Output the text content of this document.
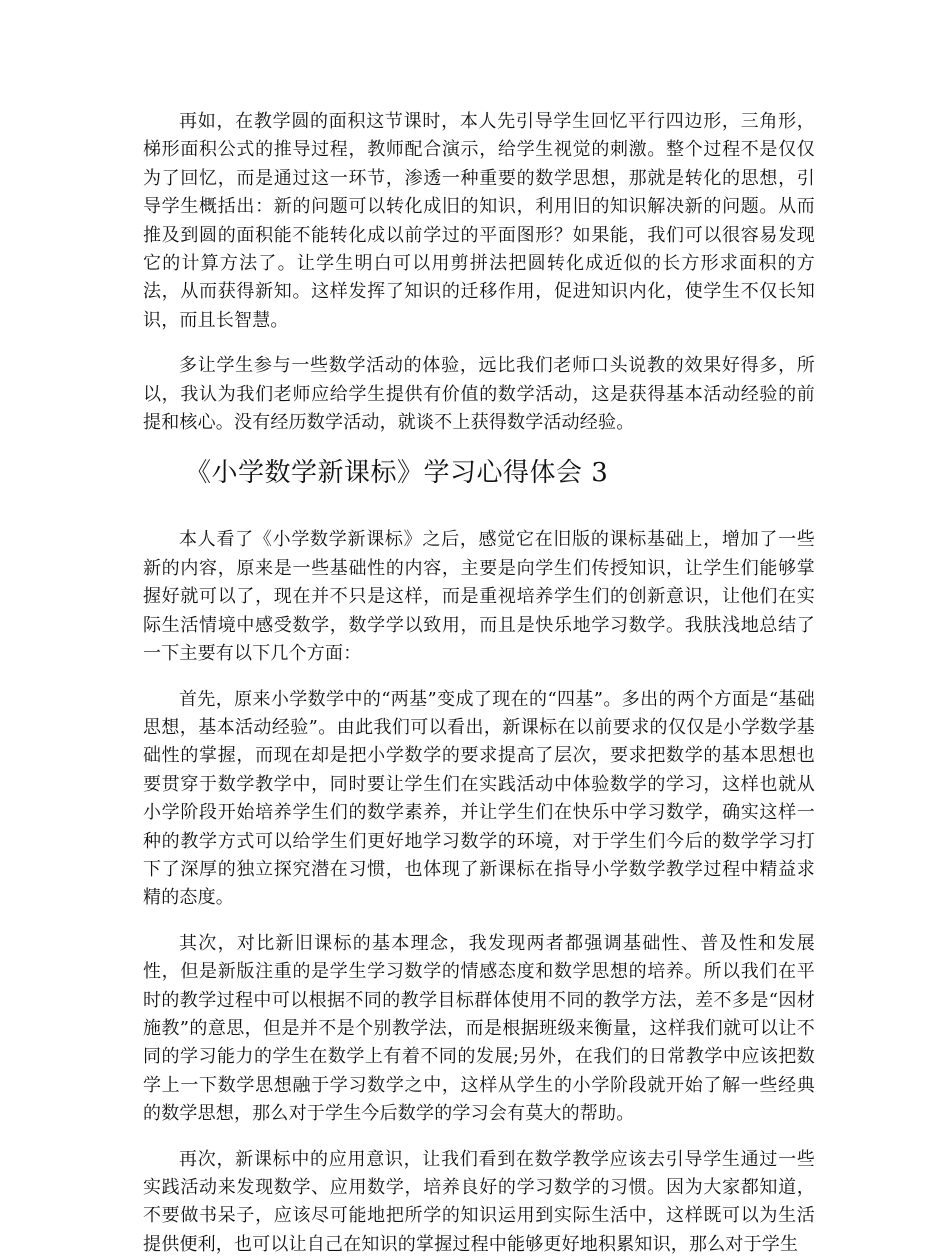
再如，在教学圆的面积这节课时，本人先引导学生回忆平行四边形，三角形，梯形面积公式的推导过程，教师配合演示，给学生视觉的刺激。整个过程不是仅仅为了回忆，而是通过这一环节，渗透一种重要的数学思想，那就是转化的思想，引导学生概括出：新的问题可以转化成旧的知识，利用旧的知识解决新的问题。从而推及到圆的面积能不能转化成以前学过的平面图形？如果能，我们可以很容易发现它的计算方法了。让学生明白可以用剪拼法把圆转化成近似的长方形求面积的方法，从而获得新知。这样发挥了知识的迁移作用，促进知识内化，使学生不仅长知识，而且长智慧。

多让学生参与一些数学活动的体验，远比我们老师口头说教的效果好得多，所以，我认为我们老师应给学生提供有价值的数学活动，这是获得基本活动经验的前提和核心。没有经历数学活动，就谈不上获得数学活动经验。

《小学数学新课标》学习心得体会 3

本人看了《小学数学新课标》之后，感觉它在旧版的课标基础上，增加了一些新的内容，原来是一些基础性的内容，主要是向学生们传授知识，让学生们能够掌握好就可以了，现在并不只是这样，而是重视培养学生们的创新意识，让他们在实际生活情境中感受数学，数学学以致用，而且是快乐地学习数学。我肤浅地总结了一下主要有以下几个方面：

首先，原来小学数学中的“两基”变成了现在的“四基”。多出的两个方面是“基础思想，基本活动经验”。由此我们可以看出，新课标在以前要求的仅仅是小学数学基础性的掌握，而现在却是把小学数学的要求提高了层次，要求把数学的基本思想也要贯穿于数学教学中，同时要让学生们在实践活动中体验数学的学习，这样也就从小学阶段开始培养学生们的数学素养，并让学生们在快乐中学习数学，确实这样一种的教学方式可以给学生们更好地学习数学的环境，对于学生们今后的数学学习打下了深厚的独立探究潜在习惯，也体现了新课标在指导小学数学教学过程中精益求精的态度。

其次，对比新旧课标的基本理念，我发现两者都强调基础性、普及性和发展性，但是新版注重的是学生学习数学的情感态度和数学思想的培养。所以我们在平时的教学过程中可以根据不同的教学目标群体使用不同的教学方法，差不多是“因材施教”的意思，但是并不是个别教学法，而是根据班级来衡量，这样我们就可以让不同的学习能力的学生在数学上有着不同的发展;另外，在我们的日常教学中应该把数学上一下数学思想融于学习数学之中，这样从学生的小学阶段就开始了解一些经典的数学思想，那么对于学生今后数学的学习会有莫大的帮助。

再次，新课标中的应用意识，让我们看到在数学教学应该去引导学生通过一些实践活动来发现数学、应用数学，培养良好的学习数学的习惯。因为大家都知道，不要做书呆子，应该尽可能地把所学的知识运用到实际生活中，这样既可以为生活提供便利，也可以让自己在知识的掌握过程中能够更好地积累知识，那么对于学生
